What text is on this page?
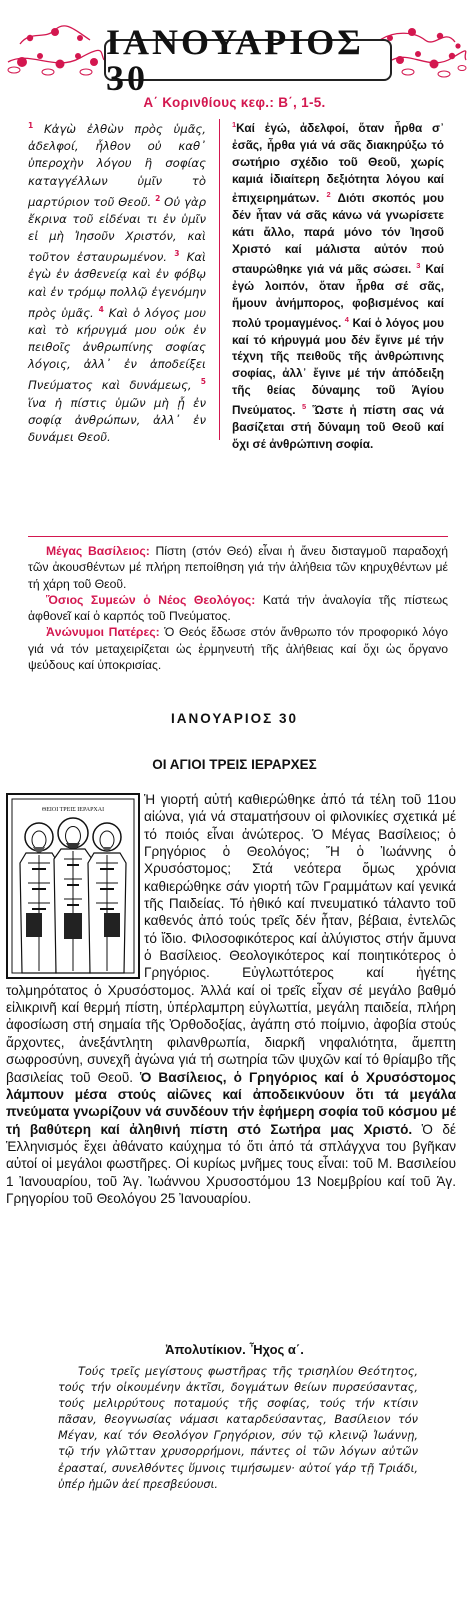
ΙΑΝΟΥΑΡΙΟΣ 30
Α΄ Κορινθίους κεφ.: Β΄, 1-5.
$^1$ Κἀγὼ ἐλθὼν πρὸς ὑμᾶς, ἀδελφοί, ἦλθον οὐ καθ᾽ ὑπεροχὴν λόγου ἢ σοφίας καταγγέλλων ὑμῖν τὸ μαρτύριον τοῦ Θεοῦ. $^2$ Οὐ γὰρ ἔκρινα τοῦ εἰδέναι τι ἐν ὑμῖν εἰ μὴ Ἰησοῦν Χριστόν, καὶ τοῦτον ἐσταυρωμένον. $^3$ Καὶ ἐγὼ ἐν ἀσθενείᾳ καὶ ἐν φόβῳ καὶ ἐν τρόμῳ πολλῷ ἐγενόμην πρὸς ὑμᾶς. $^4$ Καὶ ὁ λόγος μου καὶ τὸ κήρυγμά μου οὐκ ἐν πειθοῖς ἀνθρωπίνης σοφίας λόγοις, ἀλλ᾽ ἐν ἀποδείξει Πνεύματος καὶ δυνάμεως, $^5$ ἵνα ἡ πίστις ὑμῶν μὴ ᾖ ἐν σοφίᾳ ἀνθρώπων, ἀλλ᾽ ἐν δυνάμει Θεοῦ.
$^1$Καί ἐγώ, ἀδελφοί, ὅταν ἦρθα σ᾽ ἐσᾶς, ἦρθα γιά νά σᾶς διακηρύξω τό σωτήριο σχέδιο τοῦ Θεοῦ, χωρίς καμιά ἰδιαίτερη δεξιότητα λόγου καί ἐπιχειρημάτων. $^2$ Διότι σκοπός μου δέν ἦταν νά σᾶς κάνω νά γνωρίσετε κάτι ἄλλο, παρά μόνο τόν Ἰησοῦ Χριστό καί μάλιστα αὐτόν πού σταυρώθηκε γιά νά μᾶς σώσει. $^3$ Καί ἐγώ λοιπόν, ὅταν ἦρθα σέ σᾶς, ἤμουν ἀνήμπορος, φοβισμένος καί πολύ τρομαγμένος. $^4$ Καί ὁ λόγος μου καί τό κήρυγμά μου δέν ἔγινε μέ τήν τέχνη τῆς πειθοῦς τῆς ἀνθρώπινης σοφίας, ἀλλ᾽ ἔγινε μέ τήν ἀπόδειξη τῆς θείας δύναμης τοῦ Ἁγίου Πνεύματος. $^5$ Ὥστε ἡ πίστη σας νά βασίζεται στή δύναμη τοῦ Θεοῦ καί ὄχι σέ ἀνθρώπινη σοφία.

Μέγας Βασίλειος: Πίστη (στόν Θεό) εἶναι ἡ ἄνευ δισταγμοῦ παραδοχή τῶν ἀκουσθέντων μέ πλήρη πεποίθηση γιά τήν ἀλήθεια τῶν κηρυχθέντων μέ τή χάρη τοῦ Θεοῦ.

Ὅσιος Συμεών ὁ Νέος Θεολόγος: Κατά τήν ἀναλογία τῆς πίστεως ἀφθονεῖ καί ὁ καρπός τοῦ Πνεύματος.

Ἀνώνυμοι Πατέρες: Ὁ Θεός ἔδωσε στόν ἄνθρωπο τόν προφορικό λόγο γιά νά τόν μεταχειρίζεται ὡς ἑρμηνευτή τῆς ἀλήθειας καί ὄχι ὡς ὄργανο ψεύδους καί ὑποκρισίας.

ΙΑΝΟΥΑΡΙΟΣ 30
ΟΙ ΑΓΙΟΙ ΤΡΕΙΣ ΙΕΡΑΡΧΕΣ

Ἡ γιορτή αὐτή καθιερώθηκε ἀπό τά τέλη τοῦ 11ου αἰώνα, γιά νά σταματήσουν οἱ φιλονικίες σχετικά μέ τό ποιός εἶναι ἀνώτερος. Ὁ Μέγας Βασίλειος; ὁ Γρηγόριος ὁ Θεολόγος; Ἤ ὁ Ἰωάννης ὁ Χρυσόστομος; Στά νεότερα ὅμως χρόνια καθιερώθηκε σάν γιορτή τῶν Γραμμάτων καί γενικά τῆς Παιδείας. Τό ἠθικό καί πνευματικό τάλαντο τοῦ καθενός ἀπό τούς τρεῖς δέν ἦταν, βέβαια, ἐντελῶς τό ἴδιο. Φιλοσοφικότερος καί ἀλύγιστος στήν ἄμυνα ὁ Βασίλειος. Θεολογικότερος καί ποιητικότερος ὁ Γρηγόριος. Εὐγλωττότερος καί ἡγέτης τολμηρότατος ὁ Χρυσόστομος. Ἀλλά καί οἱ τρεῖς εἶχαν σέ μεγάλο βαθμό εἰλικρινῆ καί θερμή πίστη, ὑπέρλαμπρη εὐγλωττία, μεγάλη παιδεία, πλήρη ἀφοσίωση στή σημαία τῆς Ὀρθοδοξίας, ἀγάπη στό ποίμνιο, ἀφοβία στούς ἄρχοντες, ἀνεξάντλητη φιλανθρωπία, διαρκῆ νηφαλιότητα, ἄμεπτη σωφροσύνη, συνεχῆ ἀγώνα γιά τή σωτηρία τῶν ψυχῶν καί τό θρίαμβο τῆς βασιλείας τοῦ Θεοῦ. Ὁ Βασίλειος, ὁ Γρηγόριος καί ὁ Χρυσόστομος λάμπουν μέσα στούς αἰῶνες καί ἀποδεικνύουν ὅτι τά μεγάλα πνεύματα γνωρίζουν νά συνδέουν τήν ἐφήμερη σοφία τοῦ κόσμου μέ τή βαθύτερη καί ἀληθινή πίστη στό Σωτήρα μας Χριστό. Ὁ δέ Ἑλληνισμός ἔχει ἀθάνατο καύχημα τό ὅτι ἀπό τά σπλάγχνα του βγῆκαν αὐτοί οἱ μεγάλοι φωστῆρες. Οἱ κυρίως μνῆμες τους εἶναι: τοῦ Μ. Βασιλείου 1 Ἰανουαρίου, τοῦ Ἁγ. Ἰωάννου Χρυσοστόμου 13 Νοεμβρίου καί τοῦ Ἁγ. Γρηγορίου τοῦ Θεολόγου 25 Ἰανουαρίου.

ΘΕΙΟΙ ΤΡΕΙΣ ΙΕΡΑΡΧΑΙ
Ἀπολυτίκιον. Ἦχος α΄.

Τούς τρεῖς μεγίστους φωστῆρας τῆς τρισηλίου Θεότητος, τούς τήν οἰκουμένην ἀκτῖσι, δογμάτων θείων πυρσεύσαντας, τούς μελιρρύτους ποταμούς τῆς σοφίας, τούς τήν κτίσιν πᾶσαν, θεογνωσίας νάμασι καταρδεύσαντας, Βασίλειον τόν Μέγαν, καί τόν Θεολόγον Γρηγόριον, σύν τῷ κλεινῷ Ἰωάννῃ, τῷ τήν γλῶτταν χρυσορρήμονι, πάντες οἱ τῶν λόγων αὐτῶν ἐρασταί, συνελθόντες ὕμνοις τιμήσωμεν· αὐτοί γάρ τῇ Τριάδι, ὑπέρ ἡμῶν ἀεί πρεσβεύουσι.
